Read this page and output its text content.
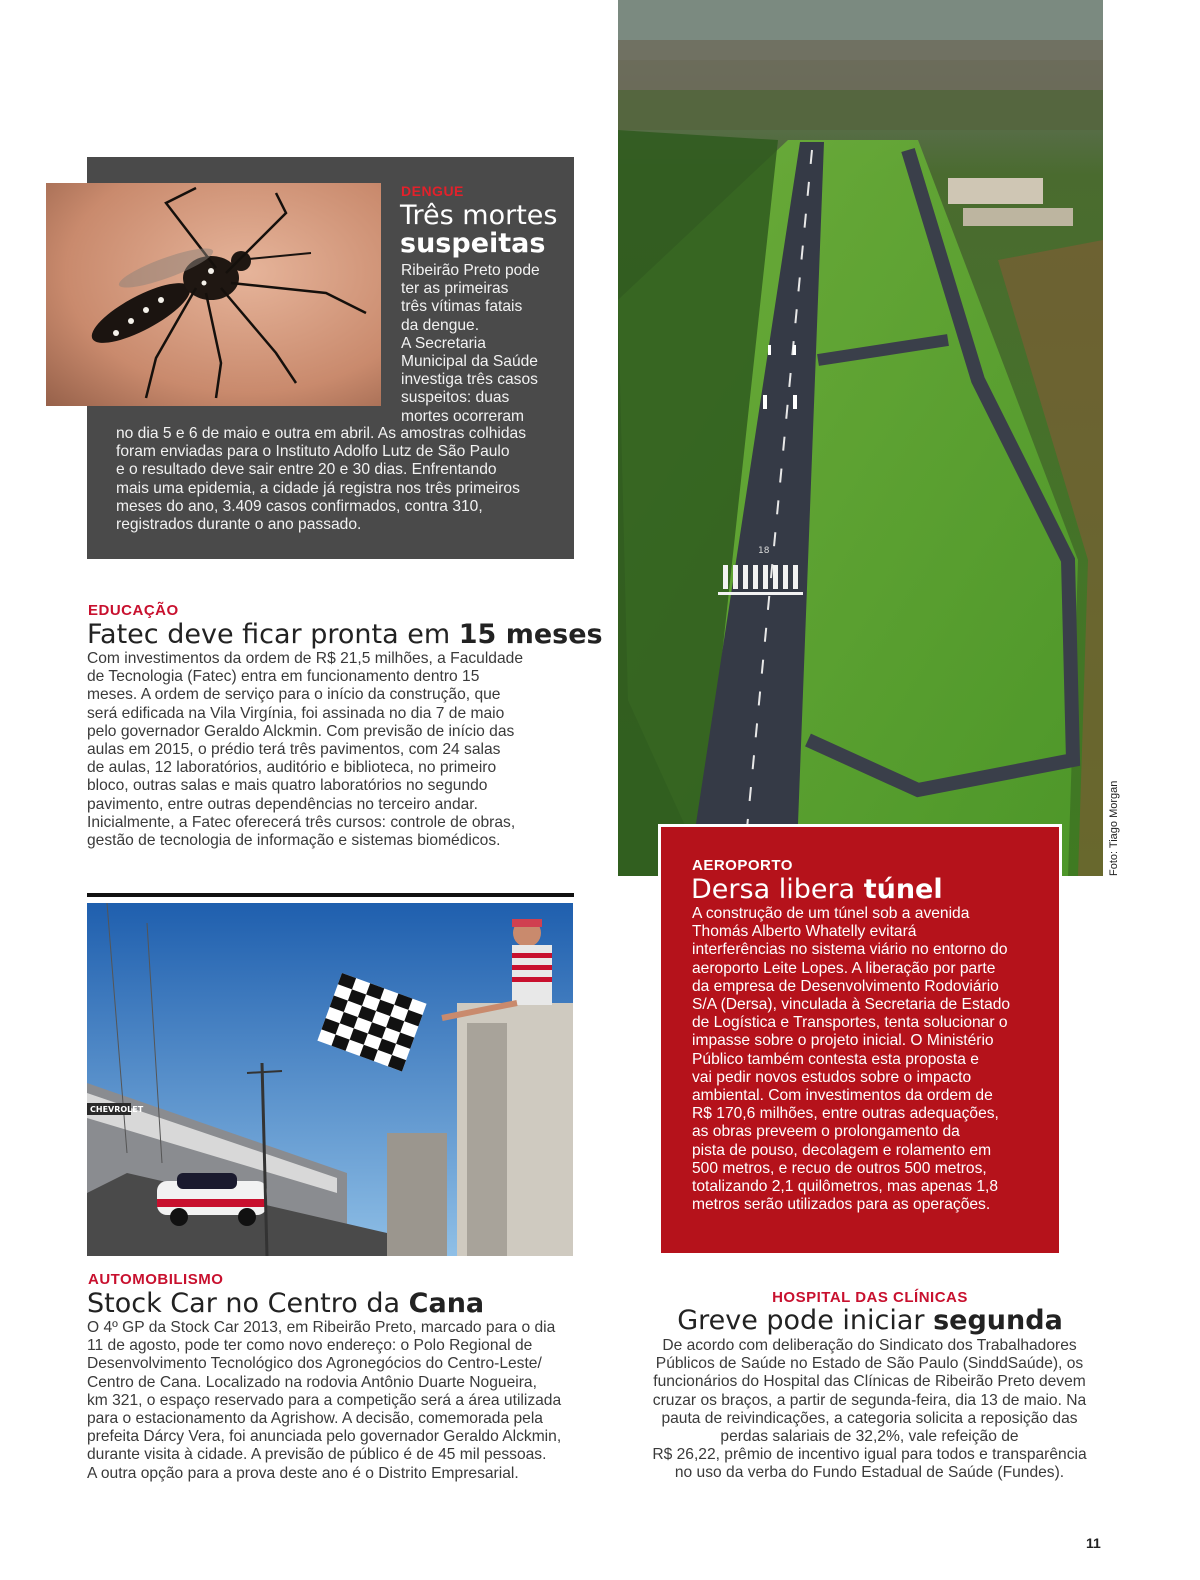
18
Foto: Tiago Morgan
DENGUE
Três mortes
suspeitas

Ribeirão Preto pode

ter as primeiras

três vítimas fatais

da dengue.

A Secretaria

Municipal da Saúde

investiga três casos

suspeitos: duas

mortes ocorreram

no dia 5 e 6 de maio e outra em abril. As amostras colhidas

foram enviadas para o Instituto Adolfo Lutz de São Paulo

e o resultado deve sair entre 20 e 30 dias. Enfrentando

mais uma epidemia, a cidade já registra nos três primeiros

meses do ano, 3.409 casos confirmados, contra 310,

registrados durante o ano passado.

EDUCAÇÃO
Fatec deve ficar pronta em 15 meses

Com investimentos da ordem de R$ 21,5 milhões, a Faculdade

de Tecnologia (Fatec) entra em funcionamento dentro 15

meses. A ordem de serviço para o início da construção, que

será edificada na Vila Virgínia, foi assinada no dia 7 de maio

pelo governador Geraldo Alckmin. Com previsão de início das

aulas em 2015, o prédio terá três pavimentos, com 24 salas

de aulas, 12 laboratórios, auditório e biblioteca, no primeiro

bloco, outras salas e mais quatro laboratórios no segundo

pavimento, entre outras dependências no terceiro andar.

Inicialmente, a Fatec oferecerá três cursos: controle de obras,

gestão de tecnologia de informação e sistemas biomédicos.

CHEVROLET
AEROPORTO
Dersa libera túnel

A construção de um túnel sob a avenida

Thomás Alberto Whatelly evitará

interferências no sistema viário no entorno do

aeroporto Leite Lopes. A liberação por parte

da empresa de Desenvolvimento Rodoviário

S/A (Dersa), vinculada à Secretaria de Estado

de Logística e Transportes, tenta solucionar o

impasse sobre o projeto inicial. O Ministério

Público também contesta esta proposta e

vai pedir novos estudos sobre o impacto

ambiental. Com investimentos da ordem de

R$ 170,6 milhões, entre outras adequações,

as obras preveem o prolongamento da

pista de pouso, decolagem e rolamento em

500 metros, e recuo de outros 500 metros,

totalizando 2,1 quilômetros, mas apenas 1,8

metros serão utilizados para as operações.

AUTOMOBILISMO
Stock Car no Centro da Cana

O 4º GP da Stock Car 2013, em Ribeirão Preto, marcado para o dia

11 de agosto, pode ter como novo endereço: o Polo Regional de

Desenvolvimento Tecnológico dos Agronegócios do Centro-Leste/

Centro de Cana. Localizado na rodovia Antônio Duarte Nogueira,

km 321, o espaço reservado para a competição será a área utilizada

para o estacionamento da Agrishow. A decisão, comemorada pela

prefeita Dárcy Vera, foi anunciada pelo governador Geraldo Alckmin,

durante visita à cidade. A previsão de público é de 45 mil pessoas.

A outra opção para a prova deste ano é o Distrito Empresarial.

HOSPITAL DAS CLÍNICAS
Greve pode iniciar segunda

De acordo com deliberação do Sindicato dos Trabalhadores

Públicos de Saúde no Estado de São Paulo (SinddSaúde), os

funcionários do Hospital das Clínicas de Ribeirão Preto devem

cruzar os braços, a partir de segunda-feira, dia 13 de maio. Na

pauta de reivindicações, a categoria solicita a reposição das

perdas salariais de 32,2%, vale refeição de

R$ 26,22, prêmio de incentivo igual para todos e transparência

no uso da verba do Fundo Estadual de Saúde (Fundes).

11
